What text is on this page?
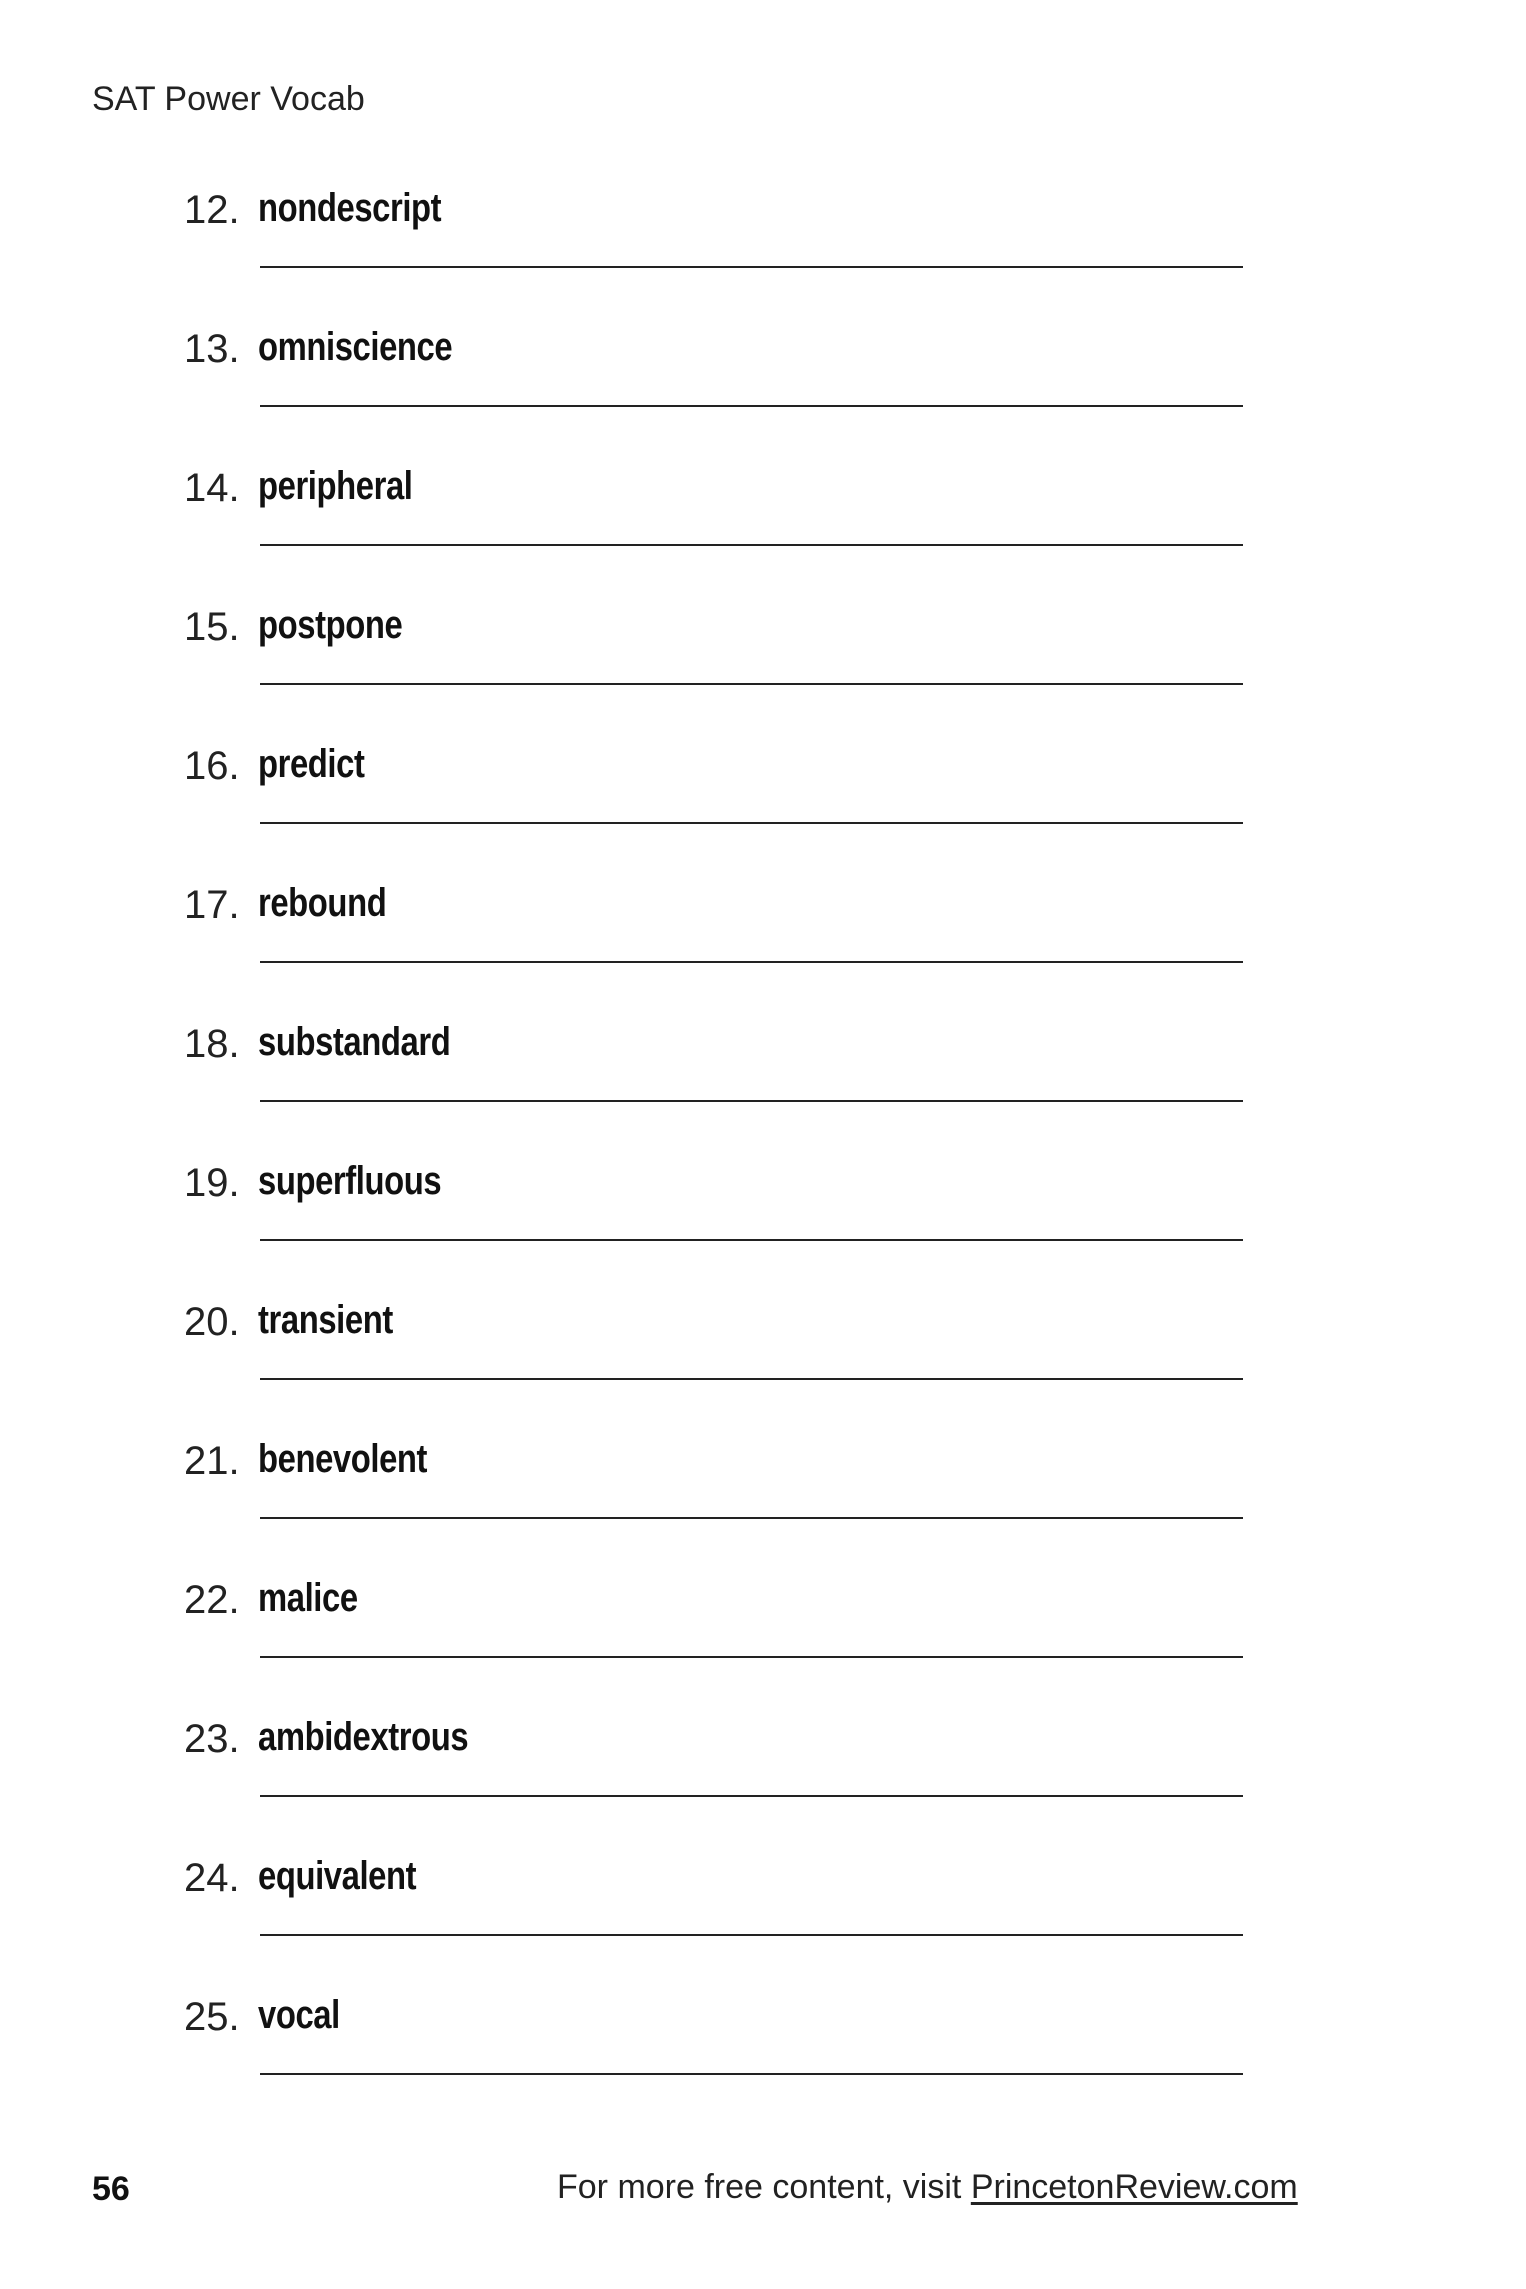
SAT Power Vocab
12. nondescript
13. omniscience
14. peripheral
15. postpone
16. predict
17. rebound
18. substandard
19. superfluous
20. transient
21. benevolent
22. malice
23. ambidextrous
24. equivalent
25. vocal
56	For more free content, visit PrincetonReview.com
